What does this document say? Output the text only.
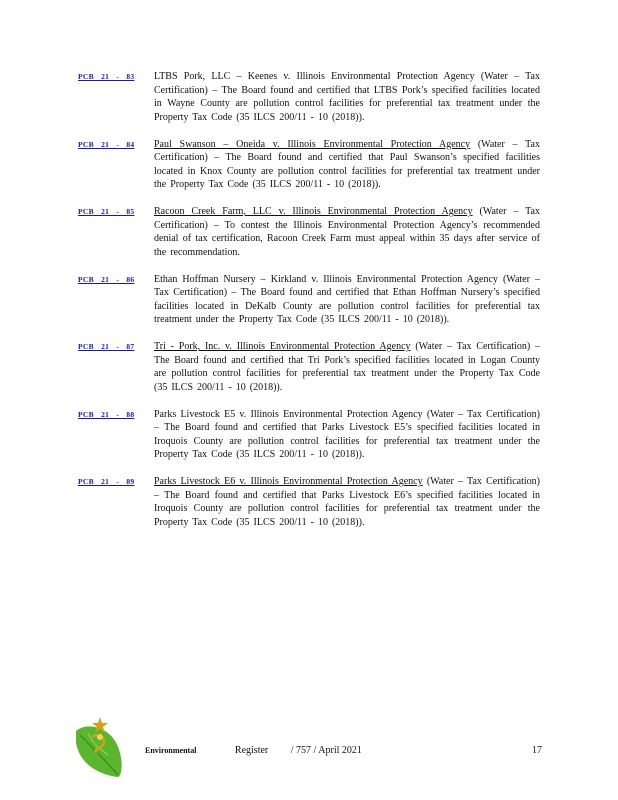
PCB 21 - 83	LTBS Pork, LLC – Keenes v. Illinois Environmental Protection Agency (Water – Tax Certification) – The Board found and certified that LTBS Pork’s specified facilities located in Wayne County are pollution control facilities for preferential tax treatment under the Property Tax Code (35 ILCS 200/11 - 10 (2018)).
PCB 21 - 84	Paul Swanson – Oneida v. Illinois Environmental Protection Agency (Water – Tax Certification) – The Board found and certified that Paul Swanson’s specified facilities located in Knox County are pollution control facilities for preferential tax treatment under the Property Tax Code (35 ILCS 200/11 - 10 (2018)).
PCB 21 - 85	Racoon Creek Farm, LLC v. Illinois Environmental Protection Agency (Water – Tax Certification) – To contest the Illinois Environmental Protection Agency’s recommended denial of tax certification, Racoon Creek Farm must appeal within 35 days after service of the recommendation.
PCB 21 - 86	Ethan Hoffman Nursery – Kirkland v. Illinois Environmental Protection Agency (Water – Tax Certification) – The Board found and certified that Ethan Hoffman Nursery’s specified facilities located in DeKalb County are pollution control facilities for preferential tax treatment under the Property Tax Code (35 ILCS 200/11 - 10 (2018)).
PCB 21 - 87	Tri - Pork, Inc. v. Illinois Environmental Protection Agency (Water – Tax Certification) – The Board found and certified that Tri Pork’s specified facilities located in Logan County are pollution control facilities for preferential tax treatment under the Property Tax Code (35 ILCS 200/11 - 10 (2018)).
PCB 21 - 88	Parks Livestock E5 v. Illinois Environmental Protection Agency (Water – Tax Certification) – The Board found and certified that Parks Livestock E5’s specified facilities located in Iroquois County are pollution control facilities for preferential tax treatment under the Property Tax Code (35 ILCS 200/11 - 10 (2018)).
PCB 21 - 89	Parks Livestock E6 v. Illinois Environmental Protection Agency (Water – Tax Certification) – The Board found and certified that Parks Livestock E6’s specified facilities located in Iroquois County are pollution control facilities for preferential tax treatment under the Property Tax Code (35 ILCS 200/11 - 10 (2018)).
Environmental	Register / 757 / April 2021	17
